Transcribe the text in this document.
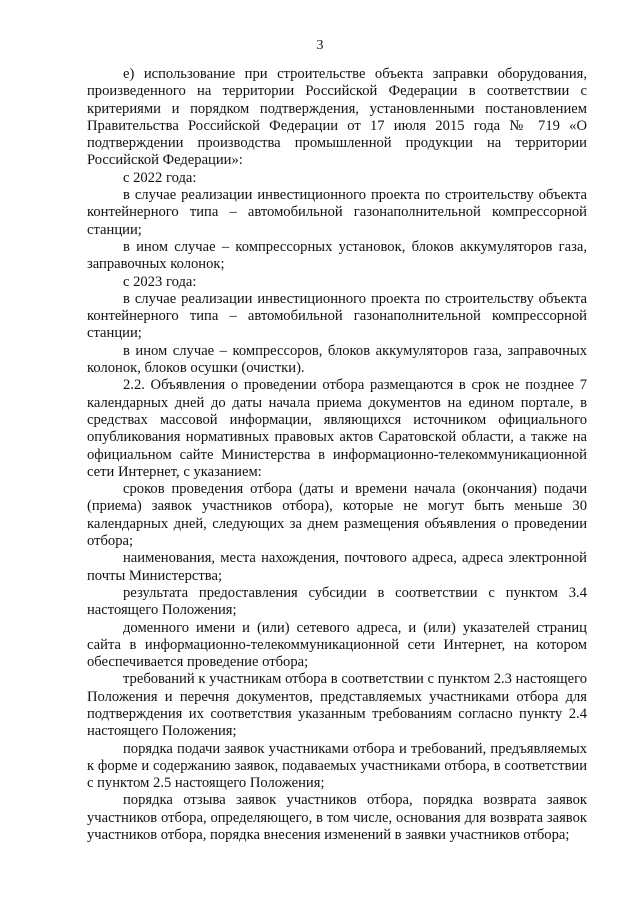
3

е) использование при строительстве объекта заправки оборудования, произведенного на территории Российской Федерации в соответствии с критериями и порядком подтверждения, установленными постановлением Правительства Российской Федерации от 17 июля 2015 года № 719 «О подтверждении производства промышленной продукции на территории Российской Федерации»:

с 2022 года:

в случае реализации инвестиционного проекта по строительству объекта контейнерного типа – автомобильной газонаполнительной компрессорной станции;

в ином случае – компрессорных установок, блоков аккумуляторов газа, заправочных колонок;

с 2023 года:

в случае реализации инвестиционного проекта по строительству объекта контейнерного типа – автомобильной газонаполнительной компрессорной станции;

в ином случае – компрессоров, блоков аккумуляторов газа, заправочных колонок, блоков осушки (очистки).

2.2. Объявления о проведении отбора размещаются в срок не позднее 7 календарных дней до даты начала приема документов на едином портале, в средствах массовой информации, являющихся источником официального опубликования нормативных правовых актов Саратовской области, а также на официальном сайте Министерства в информационно-телекоммуникационной сети Интернет, с указанием:

сроков проведения отбора (даты и времени начала (окончания) подачи (приема) заявок участников отбора), которые не могут быть меньше 30 календарных дней, следующих за днем размещения объявления о проведении отбора;

наименования, места нахождения, почтового адреса, адреса электронной почты Министерства;

результата предоставления субсидии в соответствии с пунктом 3.4 настоящего Положения;

доменного имени и (или) сетевого адреса, и (или) указателей страниц сайта в информационно-телекоммуникационной сети Интернет, на котором обеспечивается проведение отбора;

требований к участникам отбора в соответствии с пунктом 2.3 настоящего Положения и перечня документов, представляемых участниками отбора для подтверждения их соответствия указанным требованиям согласно пункту 2.4 настоящего Положения;

порядка подачи заявок участниками отбора и требований, предъявляемых к форме и содержанию заявок, подаваемых участниками отбора, в соответствии с пунктом 2.5 настоящего Положения;

порядка отзыва заявок участников отбора, порядка возврата заявок участников отбора, определяющего, в том числе, основания для возврата заявок участников отбора, порядка внесения изменений в заявки участников отбора;
